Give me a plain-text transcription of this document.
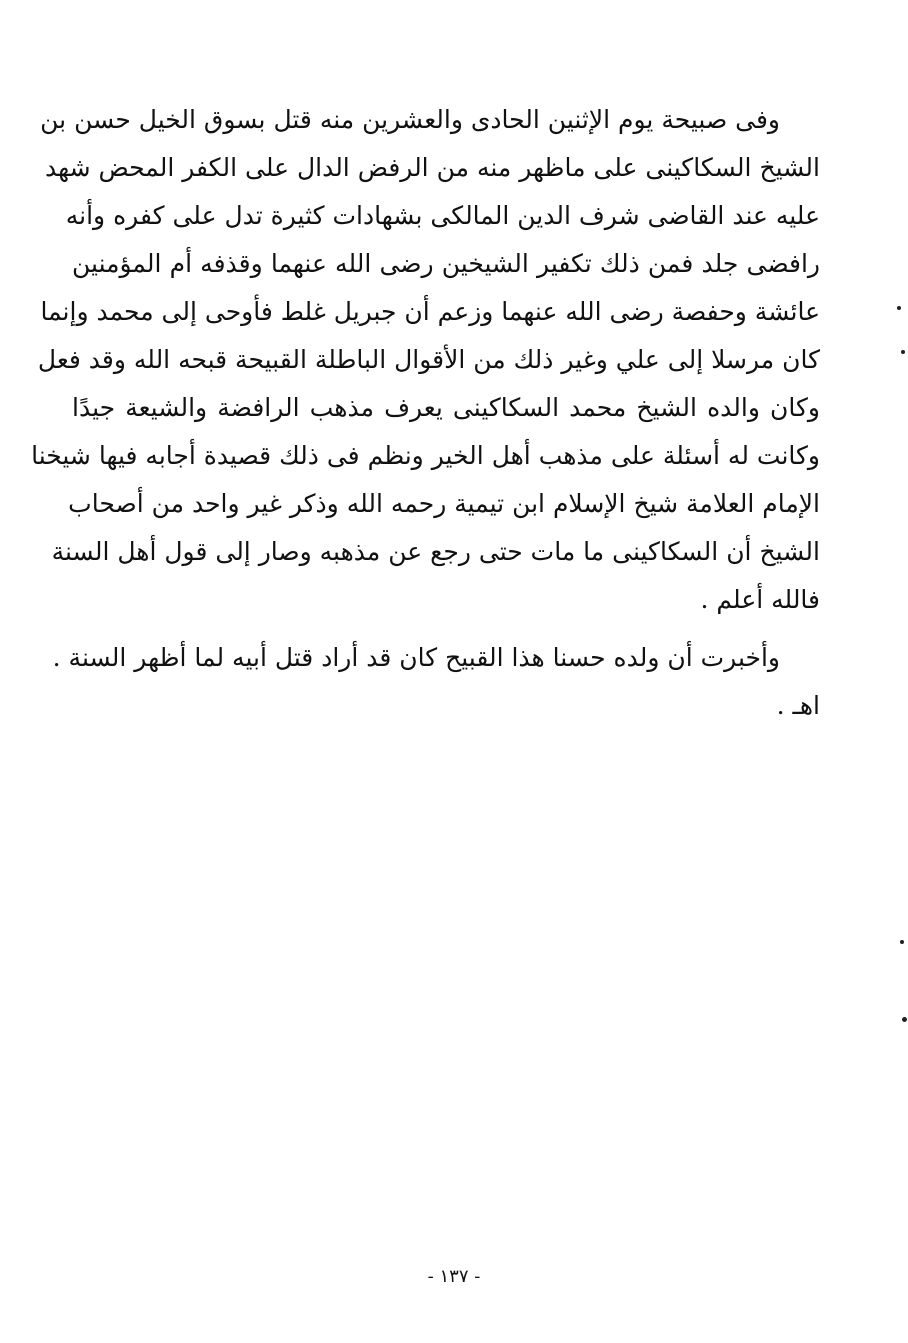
وفى صبيحة يوم الإثنين الحادى والعشرين منه قتل بسوق الخيل حسن بن
الشيخ السكاكينى على ماظهر منه من الرفض الدال على الكفر المحض شهد
عليه عند القاضى شرف الدين المالكى بشهادات كثيرة تدل على كفره وأنه
رافضى جلد فمن ذلك تكفير الشيخين رضى الله عنهما وقذفه أم المؤمنين
عائشة وحفصة رضى الله عنهما وزعم أن جبريل غلط فأوحى إلى محمد وإنما
كان مرسلا إلى علي وغير ذلك من الأقوال الباطلة القبيحة قبحه الله وقد فعل
وكان والده الشيخ محمد السكاكينى يعرف مذهب الرافضة والشيعة جيدًا
وكانت له أسئلة على مذهب أهل الخير ونظم فى ذلك قصيدة أجابه فيها شيخنا
الإمام العلامة شيخ الإسلام ابن تيمية رحمه الله وذكر غير واحد من أصحاب
الشيخ أن السكاكينى ما مات حتى رجع عن مذهبه وصار إلى قول أهل السنة
فالله أعلم .
وأخبرت أن ولده حسنا هذا القبيح كان قد أراد قتل أبيه لما أظهر السنة .
اهـ .
- ١٣٧ -
